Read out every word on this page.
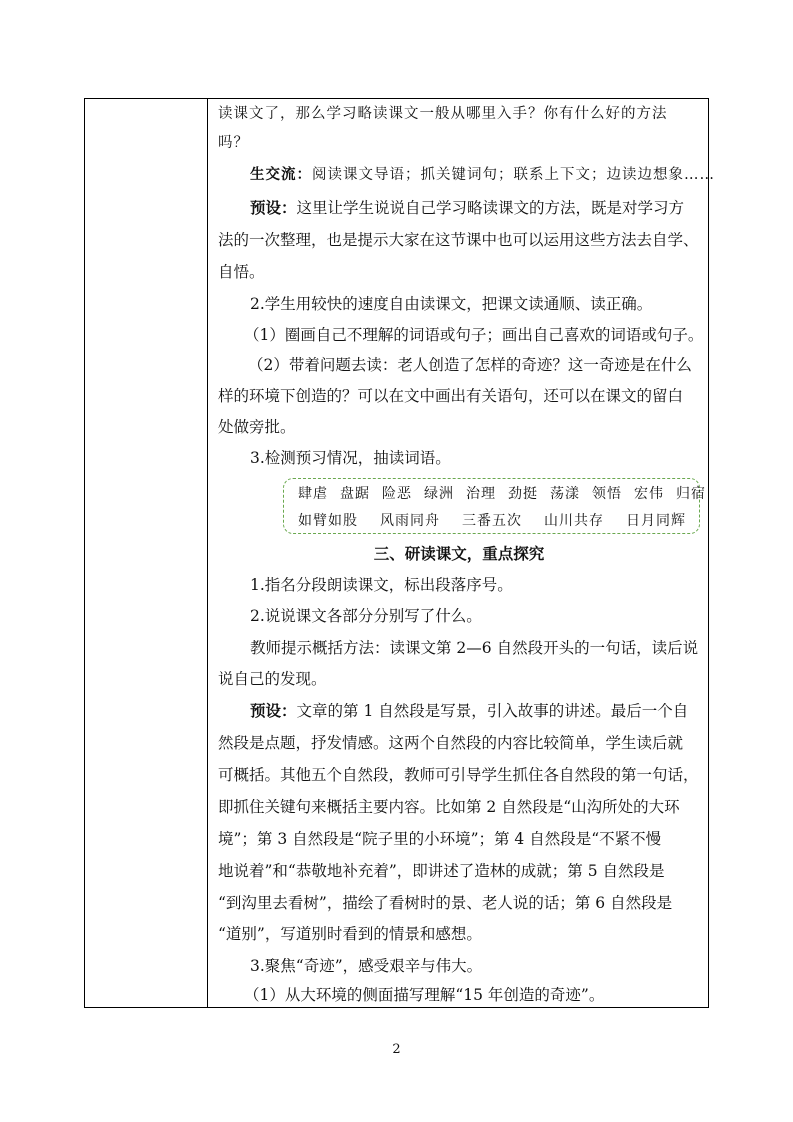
读课文了，那么学习略读课文一般从哪里入手？你有什么好的方法
吗？
生交流：阅读课文导语；抓关键词句；联系上下文；边读边想象……
预设：这里让学生说说自己学习略读课文的方法，既是对学习方
法的一次整理，也是提示大家在这节课中也可以运用这些方法去自学、
自悟。
2.学生用较快的速度自由读课文，把课文读通顺、读正确。
（1）圈画自己不理解的词语或句子；画出自己喜欢的词语或句子。
（2）带着问题去读：老人创造了怎样的奇迹？这一奇迹是在什么
样的环境下创造的？可以在文中画出有关语句，还可以在课文的留白
处做旁批。
3.检测预习情况，抽读词语。
肆虐 盘踞 险恶 绿洲 治理 劲挺 荡漾 领悟 宏伟 归宿
如臂如股 风雨同舟 三番五次 山川共存 日月同辉
三、研读课文，重点探究
1.指名分段朗读课文，标出段落序号。
2.说说课文各部分分别写了什么。
教师提示概括方法：读课文第 2—6 自然段开头的一句话，读后说
说自己的发现。
预设：文章的第 1 自然段是写景，引入故事的讲述。最后一个自
然段是点题，抒发情感。这两个自然段的内容比较简单，学生读后就
可概括。其他五个自然段，教师可引导学生抓住各自然段的第一句话，
即抓住关键句来概括主要内容。比如第 2 自然段是“山沟所处的大环
境”；第 3 自然段是“院子里的小环境”；第 4 自然段是“不紧不慢
地说着”和“恭敬地补充着”，即讲述了造林的成就；第 5 自然段是
“到沟里去看树”，描绘了看树时的景、老人说的话；第 6 自然段是
“道别”，写道别时看到的情景和感想。
3.聚焦“奇迹”，感受艰辛与伟大。
（1）从大环境的侧面描写理解“15 年创造的奇迹”。
2
